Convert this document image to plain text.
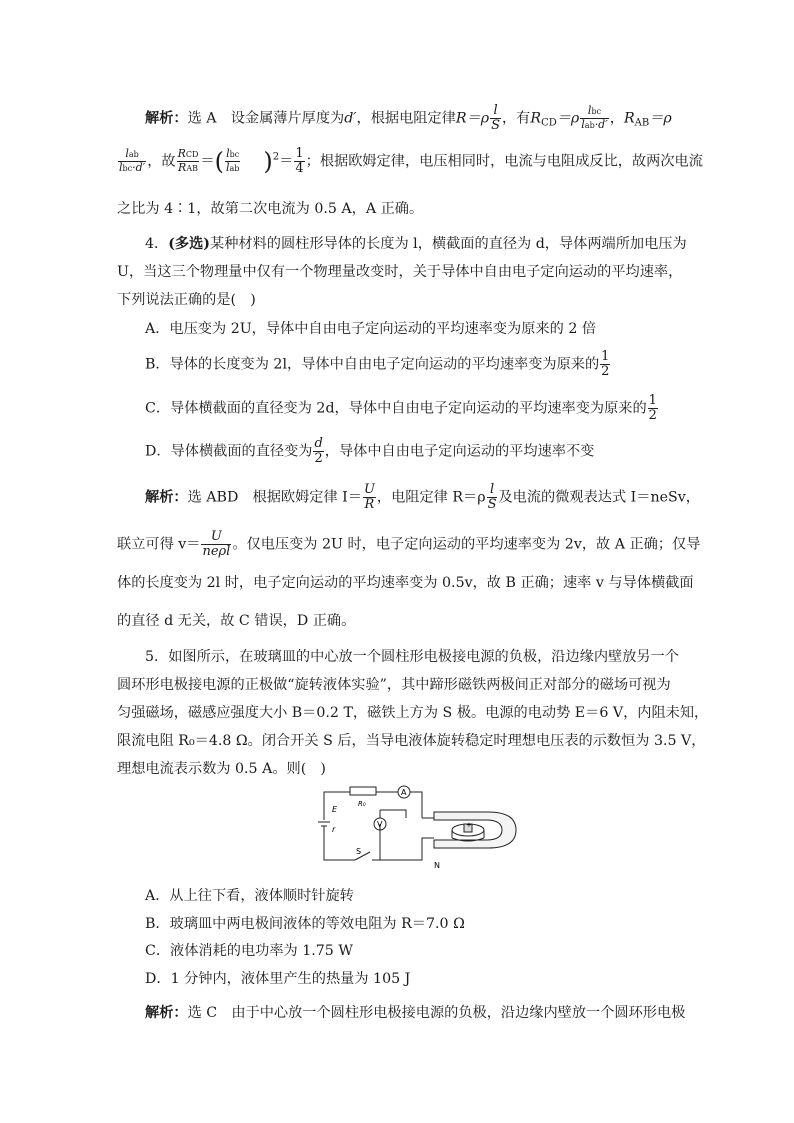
解析：选 A　设金属薄片厚度为d′，根据电阻定律$R=\rho \frac{l}{S}$ ，有$R_{CD}=\rho \frac{\text{lbc}}{\text{lab·d′}}$ ，$R_{AB}=\rho$
$\frac{\text{lab}}{\text{lbc·d′}}$ ，故 $\frac{\text{RCD}}{\text{RAB}}$ ＝( $\frac{\text{lbc}}{\text{lab}} )^2= \frac{1}{4}$ ；根据欧姆定律，电压相同时，电流与电阻成反比，故两次电流
之比为 4∶1，故第二次电流为 0.5 A，A 正确。
4．(多选)某种材料的圆柱形导体的长度为 l，横截面的直径为 d，导体两端所加电压为
U，当这三个物理量中仅有一个物理量改变时，关于导体中自由电子定向运动的平均速率，
下列说法正确的是(　)
A．电压变为 2U，导体中自由电子定向运动的平均速率变为原来的 2 倍
B．导体的长度变为 2l，导体中自由电子定向运动的平均速率变为原来的 $\frac{1}{2}$
C．导体横截面的直径变为 2d，导体中自由电子定向运动的平均速率变为原来的 $\frac{1}{2}$
D．导体横截面的直径变为 $\frac{d}{2}$ ，导体中自由电子定向运动的平均速率不变
解析：选 ABD　根据欧姆定律 $I= \frac{U}{R}$ ，电阻定律 $R=\rho \frac{l}{S}$ 及电流的微观表达式 I＝neSv，
联立可得 $v= \frac{U}{\text{neρl}}$ 。仅电压变为 2U 时，电子定向运动的平均速率变为 2v，故 A 正确；仅导
体的长度变为 2l 时，电子定向运动的平均速率变为 0.5v，故 B 正确；速率 v 与导体横截面
的直径 d 无关，故 C 错误，D 正确。
5．如图所示，在玻璃皿的中心放一个圆柱形电极接电源的负极，沿边缘内壁放另一个
圆环形电极接电源的正极做“旋转液体实验”，其中蹄形磁铁两极间正对部分的磁场可视为
匀强磁场，磁感应强度大小 B＝0.2 T，磁铁上方为 S 极。电源的电动势 E＝6 V，内阻未知，
限流电阻 R₀＝4.8 Ω。闭合开关 S 后，当导电液体旋转稳定时理想电压表的示数恒为 3.5 V，
理想电流表示数为 0.5 A。则(　)
E
r
R₀
A
V
S
N
+
A．从上往下看，液体顺时针旋转
B．玻璃皿中两电极间液体的等效电阻为 R＝7.0 Ω
C．液体消耗的电功率为 1.75 W
D．1 分钟内，液体里产生的热量为 105 J
解析：选 C　由于中心放一个圆柱形电极接电源的负极，沿边缘内壁放一个圆环形电极
